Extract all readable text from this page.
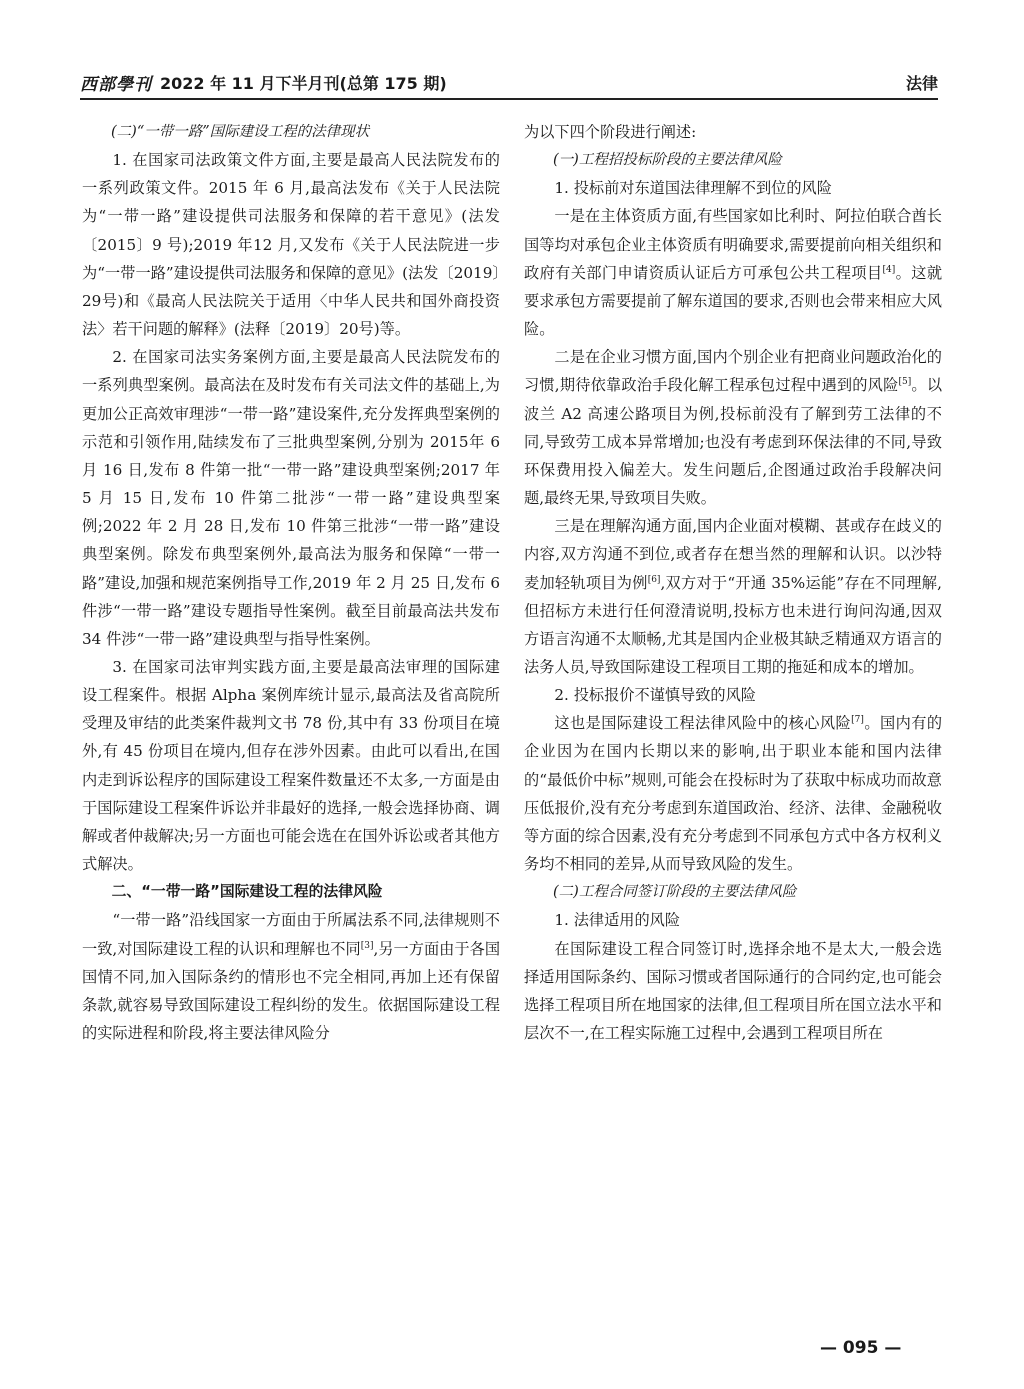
西部學刊 2022 年 11 月下半月刊(总第 175 期)	法律

(二)“一带一路”国际建设工程的法律现状

1. 在国家司法政策文件方面,主要是最高人民法院发布的一系列政策文件。2015 年 6 月,最高法发布《关于人民法院为“一带一路”建设提供司法服务和保障的若干意见》(法发〔2015〕9 号);2019 年12 月,又发布《关于人民法院进一步为“一带一路”建设提供司法服务和保障的意见》(法发〔2019〕29号)和《最高人民法院关于适用〈中华人民共和国外商投资法〉若干问题的解释》(法释〔2019〕20号)等。

2. 在国家司法实务案例方面,主要是最高人民法院发布的一系列典型案例。最高法在及时发布有关司法文件的基础上,为更加公正高效审理涉“一带一路”建设案件,充分发挥典型案例的示范和引领作用,陆续发布了三批典型案例,分别为 2015年 6 月 16 日,发布 8 件第一批“一带一路”建设典型案例;2017 年 5 月 15 日,发布 10 件第二批涉“一带一路”建设典型案例;2022 年 2 月 28 日,发布 10 件第三批涉“一带一路”建设典型案例。除发布典型案例外,最高法为服务和保障“一带一路”建设,加强和规范案例指导工作,2019 年 2 月 25 日,发布 6件涉“一带一路”建设专题指导性案例。截至目前最高法共发布 34 件涉“一带一路”建设典型与指导性案例。

3. 在国家司法审判实践方面,主要是最高法审理的国际建设工程案件。根据 Alpha 案例库统计显示,最高法及省高院所受理及审结的此类案件裁判文书 78 份,其中有 33 份项目在境外,有 45 份项目在境内,但存在涉外因素。由此可以看出,在国内走到诉讼程序的国际建设工程案件数量还不太多,一方面是由于国际建设工程案件诉讼并非最好的选择,一般会选择协商、调解或者仲裁解决;另一方面也可能会选在在国外诉讼或者其他方式解决。

二、“一带一路”国际建设工程的法律风险

“一带一路”沿线国家一方面由于所属法系不同,法律规则不一致,对国际建设工程的认识和理解也不同[3],另一方面由于各国国情不同,加入国际条约的情形也不完全相同,再加上还有保留条款,就容易导致国际建设工程纠纷的发生。依据国际建设工程的实际进程和阶段,将主要法律风险分

为以下四个阶段进行阐述:

(一)工程招投标阶段的主要法律风险

1. 投标前对东道国法律理解不到位的风险

一是在主体资质方面,有些国家如比利时、阿拉伯联合酋长国等均对承包企业主体资质有明确要求,需要提前向相关组织和政府有关部门申请资质认证后方可承包公共工程项目[4]。这就要求承包方需要提前了解东道国的要求,否则也会带来相应大风险。

二是在企业习惯方面,国内个别企业有把商业问题政治化的习惯,期待依靠政治手段化解工程承包过程中遇到的风险[5]。以波兰 A2 高速公路项目为例,投标前没有了解到劳工法律的不同,导致劳工成本异常增加;也没有考虑到环保法律的不同,导致环保费用投入偏差大。发生问题后,企图通过政治手段解决问题,最终无果,导致项目失败。

三是在理解沟通方面,国内企业面对模糊、甚或存在歧义的内容,双方沟通不到位,或者存在想当然的理解和认识。以沙特麦加轻轨项目为例[6],双方对于“开通 35%运能”存在不同理解,但招标方未进行任何澄清说明,投标方也未进行询问沟通,因双方语言沟通不太顺畅,尤其是国内企业极其缺乏精通双方语言的法务人员,导致国际建设工程项目工期的拖延和成本的增加。

2. 投标报价不谨慎导致的风险

这也是国际建设工程法律风险中的核心风险[7]。国内有的企业因为在国内长期以来的影响,出于职业本能和国内法律的“最低价中标”规则,可能会在投标时为了获取中标成功而故意压低报价,没有充分考虑到东道国政治、经济、法律、金融税收等方面的综合因素,没有充分考虑到不同承包方式中各方权利义务均不相同的差异,从而导致风险的发生。

(二)工程合同签订阶段的主要法律风险

1. 法律适用的风险

在国际建设工程合同签订时,选择余地不是太大,一般会选择适用国际条约、国际习惯或者国际通行的合同约定,也可能会选择工程项目所在地国家的法律,但工程项目所在国立法水平和层次不一,在工程实际施工过程中,会遇到工程项目所在

— 095 —
